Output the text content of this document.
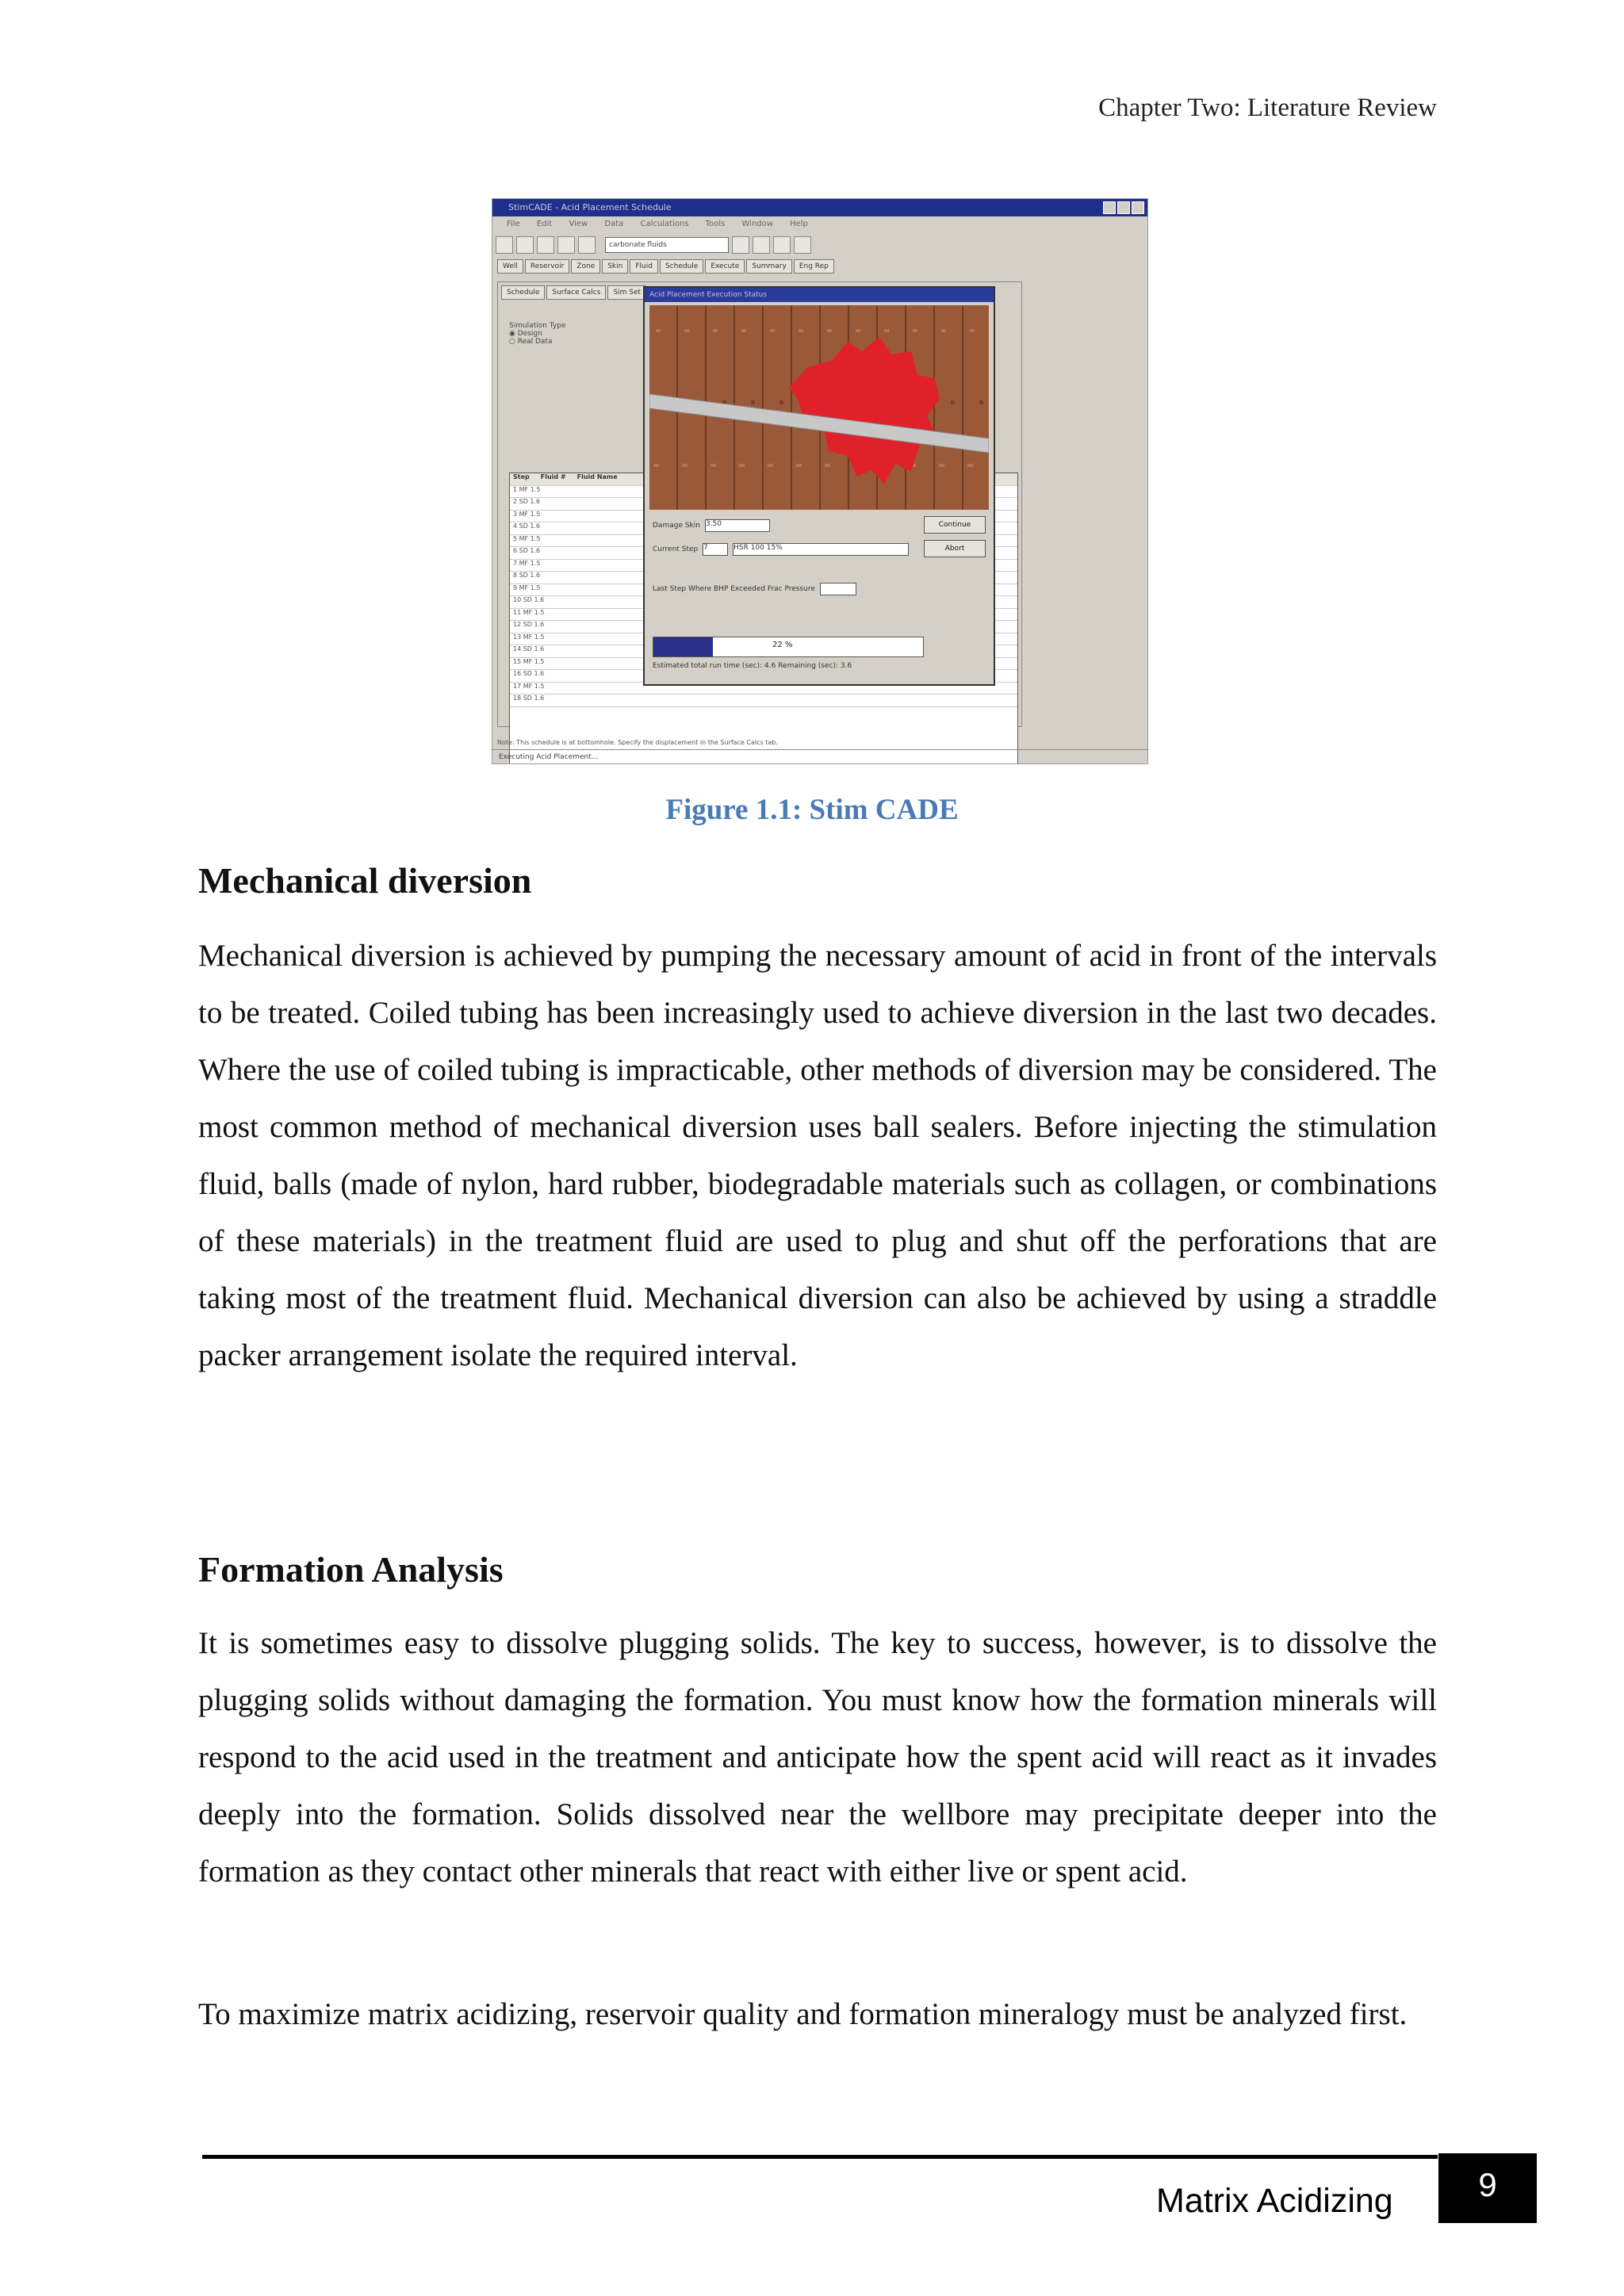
Chapter Two: Literature Review
StimCADE - Acid Placement Schedule
File Edit View Data Calculations Tools Window Help
carbonate fluids
Well	Reservoir	Zone	Skin	Fluid	Schedule	Execute	Summary	Eng Rep
Schedule	Surface Calcs	Sim Set
Simulation Type
◉ Design
○ Real Data
Step Fluid # Fluid Name
1 MF 1.5
2 SD 1.6
3 MF 1.5
4 SD 1.6
5 MF 1.5
6 SD 1.6
7 MF 1.5
8 SD 1.6
9 MF 1.5
10 SD 1.6
11 MF 1.5
12 SD 1.6
13 MF 1.5
14 SD 1.6
15 MF 1.5
16 SD 1.6
17 MF 1.5
18 SD 1.6
Acid Placement Execution Status
Damage Skin 3.50
Current Step 7	HSR 100 15%
Last Step Where BHP Exceeded Frac Pressure
Continue
Abort
22 %
Estimated total run time (sec): 4.6 Remaining (sec): 3.6
Note: This schedule is at bottomhole. Specify the displacement in the Surface Calcs tab.
Executing Acid Placement...
Figure 1.1: Stim CADE
Mechanical diversion

Mechanical diversion is achieved by pumping the necessary amount of acid in front of the intervals to be treated. Coiled tubing has been increasingly used to achieve diversion in the last two decades. Where the use of coiled tubing is impracticable, other methods of diversion may be considered. The most common method of mechanical diversion uses ball sealers. Before injecting the stimulation fluid, balls (made of nylon, hard rubber, biodegradable materials such as collagen, or combinations of these materials) in the treatment fluid are used to plug and shut off the perforations that are taking most of the treatment fluid. Mechanical diversion can also be achieved by using a straddle packer arrangement isolate the required interval.

Formation Analysis

It is sometimes easy to dissolve plugging solids. The key to success, however, is to dissolve the plugging solids without damaging the formation. You must know how the formation minerals will respond to the acid used in the treatment and anticipate how the spent acid will react as it invades deeply into the formation. Solids dissolved near the wellbore may precipitate deeper into the formation as they contact other minerals that react with either live or spent acid.

To maximize matrix acidizing, reservoir quality and formation mineralogy must be analyzed first.

Matrix Acidizing	9
